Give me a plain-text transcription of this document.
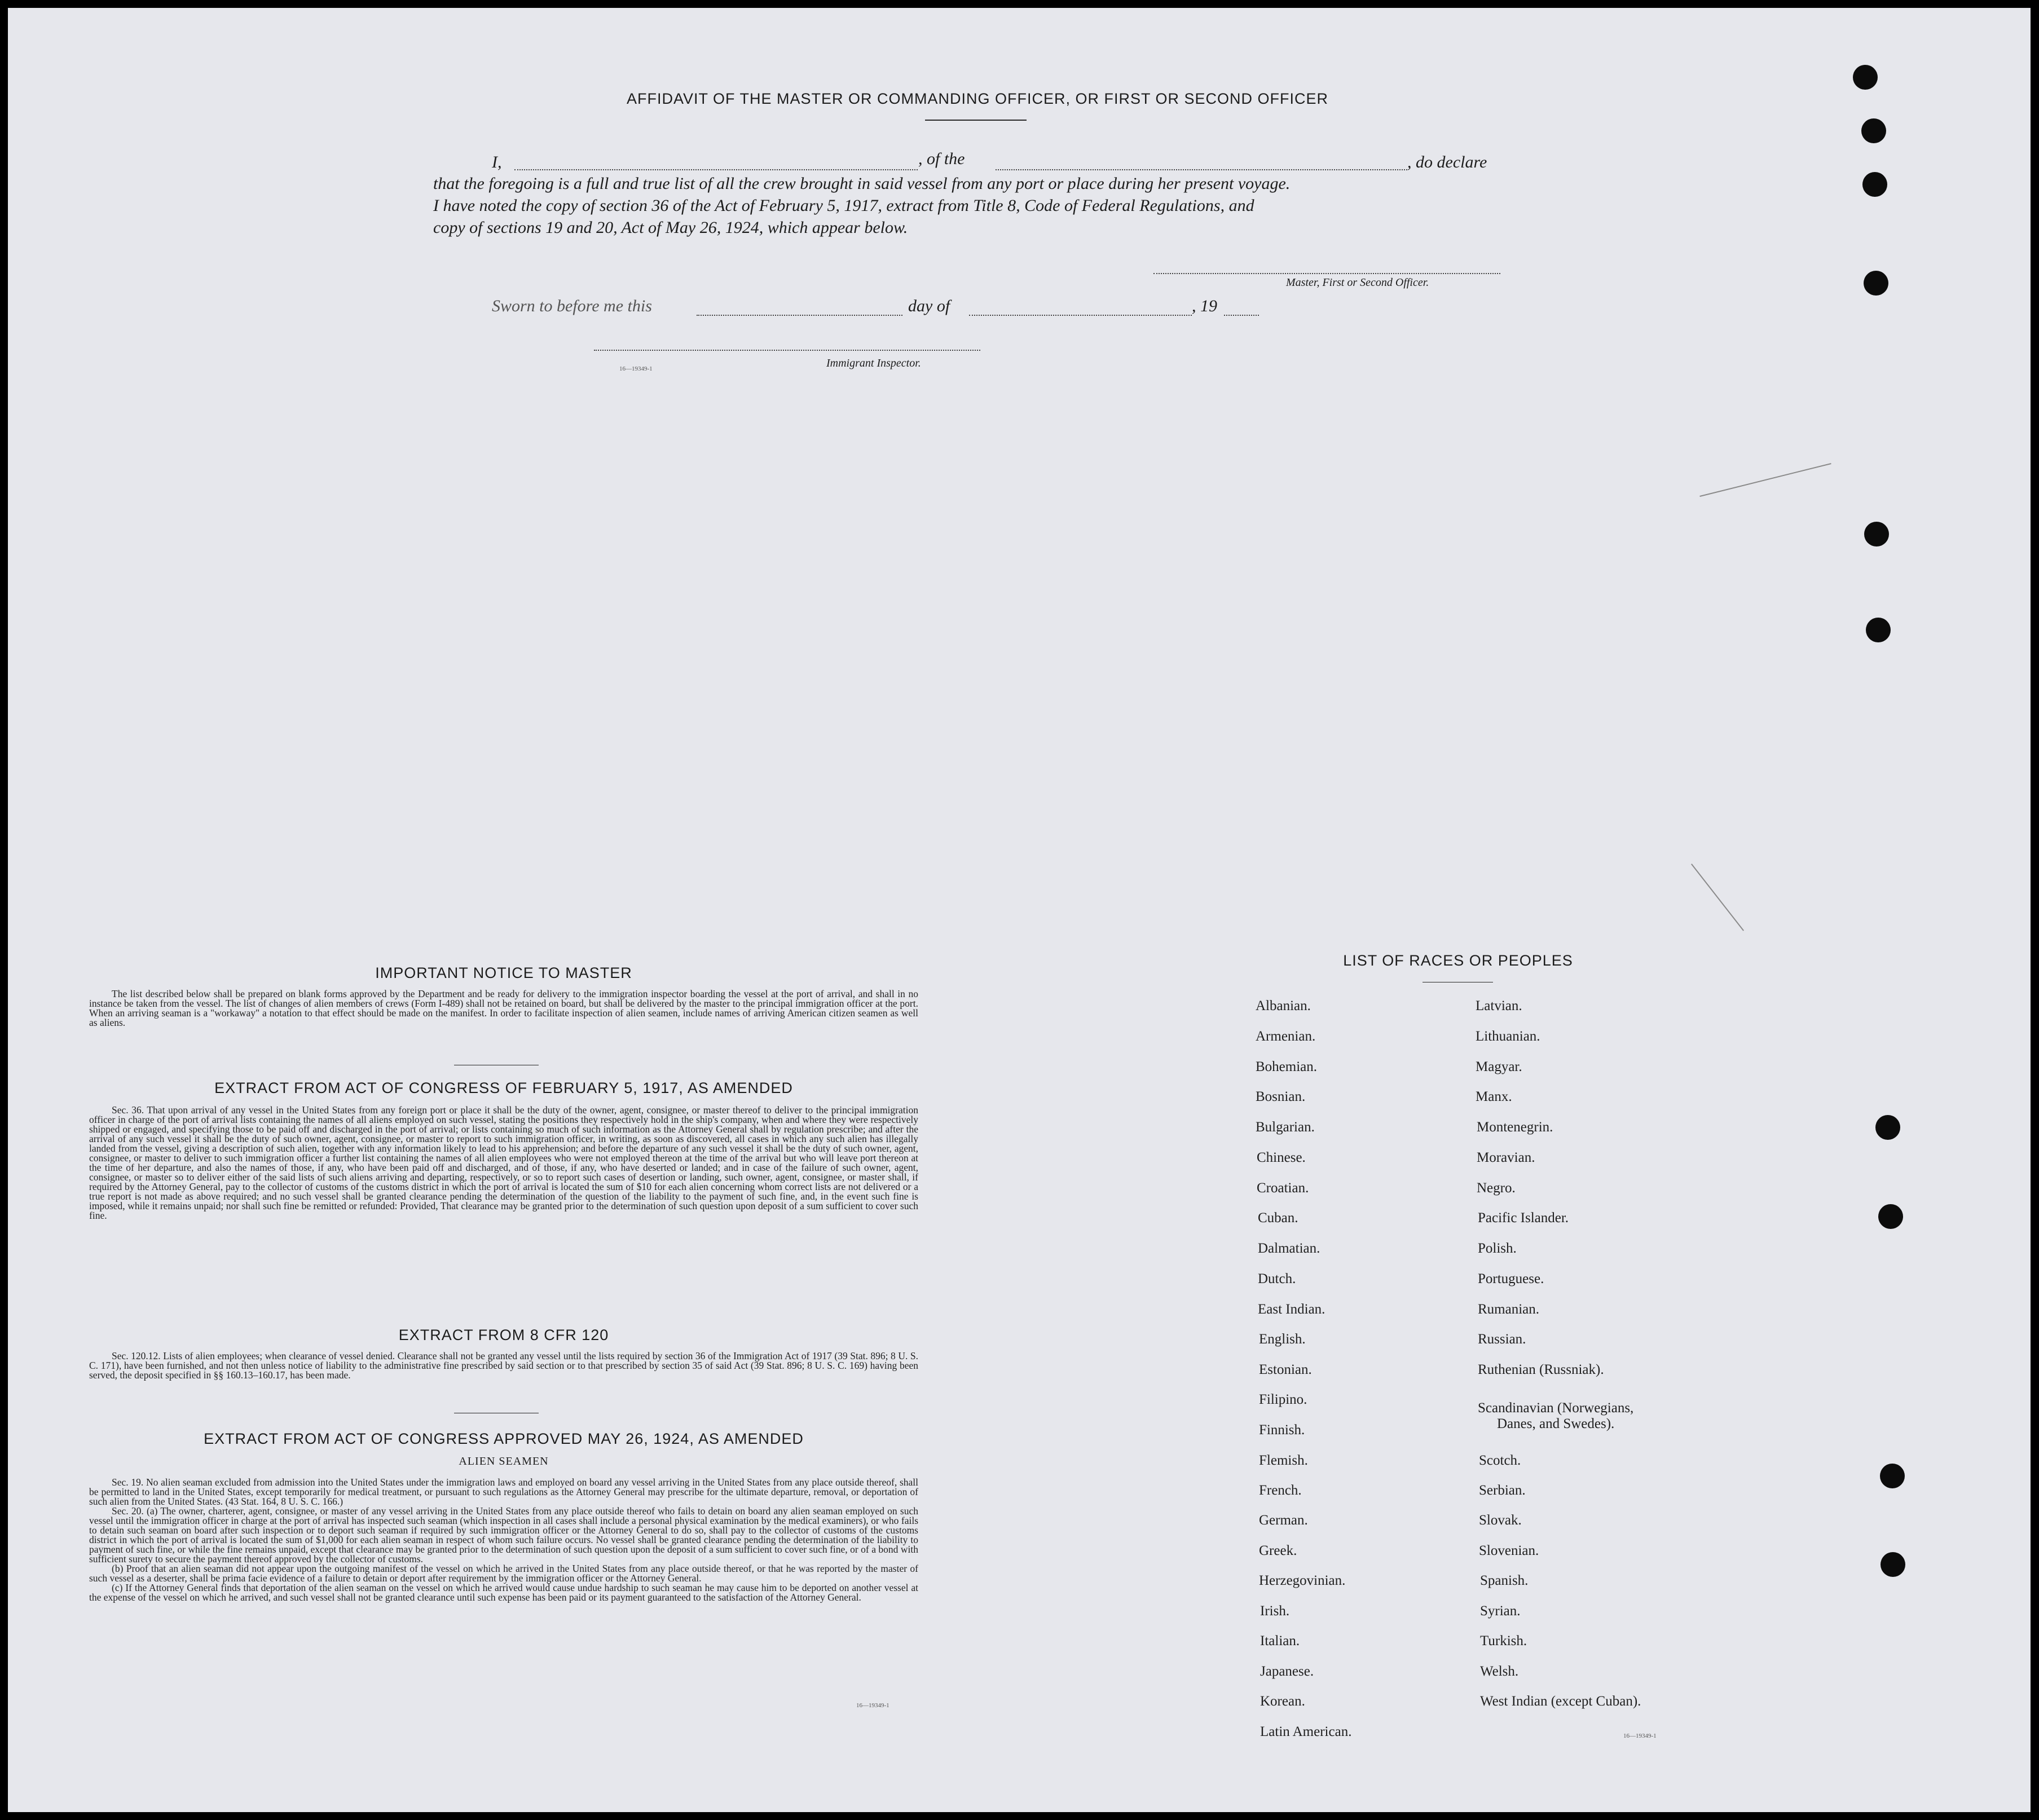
AFFIDAVIT OF THE MASTER OR COMMANDING OFFICER, OR FIRST OR SECOND OFFICER
I,	, of the	, do declare
that the foregoing is a full and true list of all the crew brought in said vessel from any port or place during her present voyage.
I have noted the copy of section 36 of the Act of February 5, 1917, extract from Title 8, Code of Federal Regulations, and
copy of sections 19 and 20, Act of May 26, 1924, which appear below.
Master, First or Second Officer.
Sworn to before me this	day of	, 19
Immigrant Inspector.
16—19349-1
IMPORTANT NOTICE TO MASTER
The list described below shall be prepared on blank forms approved by the Department and be ready for delivery to the immigration inspector boarding the vessel at the port of arrival, and shall in no instance be taken from the vessel. The list of changes of alien members of crews (Form I-489) shall not be retained on board, but shall be delivered by the master to the principal immigration officer at the port. When an arriving seaman is a "workaway" a notation to that effect should be made on the manifest. In order to facilitate inspection of alien seamen, include names of arriving American citizen seamen as well as aliens.
EXTRACT FROM ACT OF CONGRESS OF FEBRUARY 5, 1917, AS AMENDED
Sec. 36. That upon arrival of any vessel in the United States from any foreign port or place it shall be the duty of the owner, agent, consignee, or master thereof to deliver to the principal immigration officer in charge of the port of arrival lists containing the names of all aliens employed on such vessel, stating the positions they respectively hold in the ship's company, when and where they were respectively shipped or engaged, and specifying those to be paid off and discharged in the port of arrival; or lists containing so much of such information as the Attorney General shall by regulation prescribe; and after the arrival of any such vessel it shall be the duty of such owner, agent, consignee, or master to report to such immigration officer, in writing, as soon as discovered, all cases in which any such alien has illegally landed from the vessel, giving a description of such alien, together with any information likely to lead to his apprehension; and before the departure of any such vessel it shall be the duty of such owner, agent, consignee, or master to deliver to such immigration officer a further list containing the names of all alien employees who were not employed thereon at the time of the arrival but who will leave port thereon at the time of her departure, and also the names of those, if any, who have been paid off and discharged, and of those, if any, who have deserted or landed; and in case of the failure of such owner, agent, consignee, or master so to deliver either of the said lists of such aliens arriving and departing, respectively, or so to report such cases of desertion or landing, such owner, agent, consignee, or master shall, if required by the Attorney General, pay to the collector of customs of the customs district in which the port of arrival is located the sum of $10 for each alien concerning whom correct lists are not delivered or a true report is not made as above required; and no such vessel shall be granted clearance pending the determination of the question of the liability to the payment of such fine, and, in the event such fine is imposed, while it remains unpaid; nor shall such fine be remitted or refunded: Provided, That clearance may be granted prior to the determination of such question upon deposit of a sum sufficient to cover such fine.
EXTRACT FROM 8 CFR 120
Sec. 120.12. Lists of alien employees; when clearance of vessel denied. Clearance shall not be granted any vessel until the lists required by section 36 of the Immigration Act of 1917 (39 Stat. 896; 8 U. S. C. 171), have been furnished, and not then unless notice of liability to the administrative fine prescribed by said section or to that prescribed by section 35 of said Act (39 Stat. 896; 8 U. S. C. 169) having been served, the deposit specified in §§ 160.13–160.17, has been made.
EXTRACT FROM ACT OF CONGRESS APPROVED MAY 26, 1924, AS AMENDED
ALIEN SEAMEN
Sec. 19. No alien seaman excluded from admission into the United States under the immigration laws and employed on board any vessel arriving in the United States from any place outside thereof, shall be permitted to land in the United States, except temporarily for medical treatment, or pursuant to such regulations as the Attorney General may prescribe for the ultimate departure, removal, or deportation of such alien from the United States. (43 Stat. 164, 8 U. S. C. 166.)
Sec. 20. (a) The owner, charterer, agent, consignee, or master of any vessel arriving in the United States from any place outside thereof who fails to detain on board any alien seaman employed on such vessel until the immigration officer in charge at the port of arrival has inspected such seaman (which inspection in all cases shall include a personal physical examination by the medical examiners), or who fails to detain such seaman on board after such inspection or to deport such seaman if required by such immigration officer or the Attorney General to do so, shall pay to the collector of customs of the customs district in which the port of arrival is located the sum of $1,000 for each alien seaman in respect of whom such failure occurs. No vessel shall be granted clearance pending the determination of the liability to payment of such fine, or while the fine remains unpaid, except that clearance may be granted prior to the determination of such question upon the deposit of a sum sufficient to cover such fine, or of a bond with sufficient surety to secure the payment thereof approved by the collector of customs.
(b) Proof that an alien seaman did not appear upon the outgoing manifest of the vessel on which he arrived in the United States from any place outside thereof, or that he was reported by the master of such vessel as a deserter, shall be prima facie evidence of a failure to detain or deport after requirement by the immigration officer or the Attorney General.
(c) If the Attorney General finds that deportation of the alien seaman on the vessel on which he arrived would cause undue hardship to such seaman he may cause him to be deported on another vessel at the expense of the vessel on which he arrived, and such vessel shall not be granted clearance until such expense has been paid or its payment guaranteed to the satisfaction of the Attorney General.
16—19349-1
LIST OF RACES OR PEOPLES
Albanian.
Armenian.
Bohemian.
Bosnian.
Bulgarian.
Chinese.
Croatian.
Cuban.
Dalmatian.
Dutch.
East Indian.
English.
Estonian.
Filipino.
Finnish.
Flemish.
French.
German.
Greek.
Herzegovinian.
Irish.
Italian.
Japanese.
Korean.
Latin American.
Latvian.
Lithuanian.
Magyar.
Manx.
Montenegrin.
Moravian.
Negro.
Pacific Islander.
Polish.
Portuguese.
Rumanian.
Russian.
Ruthenian (Russniak).
Scandinavian (Norwegians,
Danes, and Swedes).
Scotch.
Serbian.
Slovak.
Slovenian.
Spanish.
Syrian.
Turkish.
Welsh.
West Indian (except Cuban).
16—19349-1
